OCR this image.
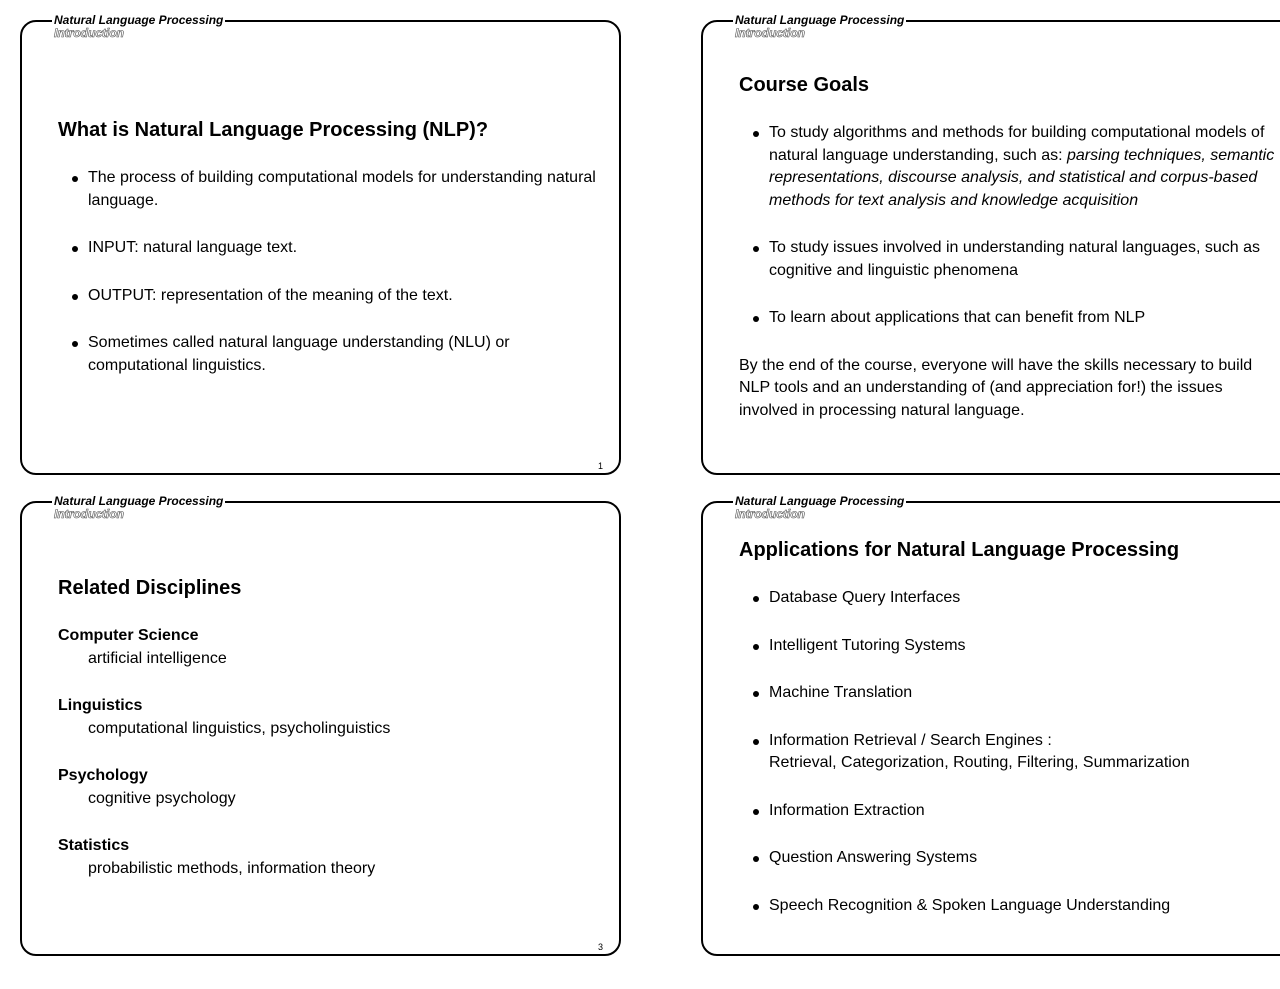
Natural Language Processing
Introduction
What is Natural Language Processing (NLP)?
The process of building computational models for understanding natural language.
INPUT: natural language text.
OUTPUT: representation of the meaning of the text.
Sometimes called natural language understanding (NLU) or computational linguistics.
1
Natural Language Processing
Introduction
Course Goals
To study algorithms and methods for building computational models of natural language understanding, such as: parsing techniques, semantic representations, discourse analysis, and statistical and corpus-based methods for text analysis and knowledge acquisition
To study issues involved in understanding natural languages, such as cognitive and linguistic phenomena
To learn about applications that can benefit from NLP

By the end of the course, everyone will have the skills necessary to build NLP tools and an understanding of (and appreciation for!) the issues involved in processing natural language.

Natural Language Processing
Introduction
Related Disciplines

Computer Science

artificial intelligence

Linguistics

computational linguistics, psycholinguistics

Psychology

cognitive psychology

Statistics

probabilistic methods, information theory

3
Natural Language Processing
Introduction
Applications for Natural Language Processing
Database Query Interfaces
Intelligent Tutoring Systems
Machine Translation
Information Retrieval / Search Engines :
Retrieval, Categorization, Routing, Filtering, Summarization
Information Extraction
Question Answering Systems
Speech Recognition & Spoken Language Understanding
